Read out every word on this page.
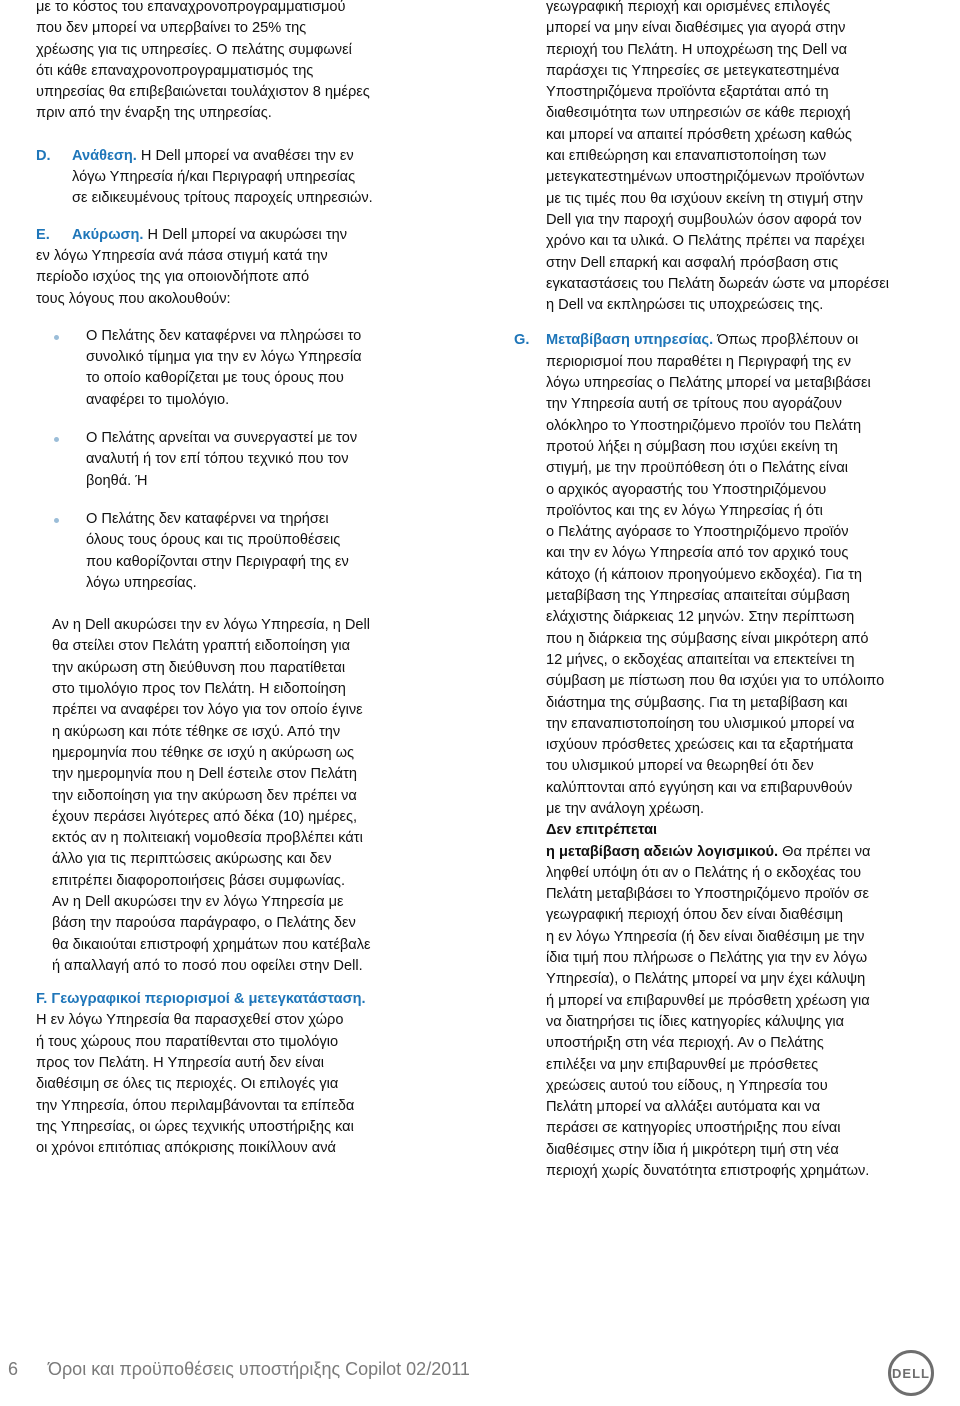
με το κόστος του επαναχρονοπρογραμματισμού

που δεν μπορεί να υπερβαίνει το 25% της

χρέωσης για τις υπηρεσίες. Ο πελάτης συμφωνεί

ότι κάθε επαναχρονοπρογραμματισμός της

υπηρεσίας θα επιβεβαιώνεται τουλάχιστον 8 ημέρες

πριν από την έναρξη της υπηρεσίας.

D. Ανάθεση. Η Dell μπορεί να αναθέσει την εν

λόγω Υπηρεσία ή/και Περιγραφή υπηρεσίας

σε ειδικευμένους τρίτους παροχείς υπηρεσιών.

E. Ακύρωση. Η Dell μπορεί να ακυρώσει την

εν λόγω Υπηρεσία ανά πάσα στιγμή κατά την

περίοδο ισχύος της για οποιονδήποτε από

τους λόγους που ακολουθούν:

Ο Πελάτης δεν καταφέρνει να πληρώσει το

συνολικό τίμημα για την εν λόγω Υπηρεσία

το οποίο καθορίζεται με τους όρους που

αναφέρει το τιμολόγιο.

Ο Πελάτης αρνείται να συνεργαστεί με τον

αναλυτή ή τον επί τόπου τεχνικό που τον

βοηθά. Ή

Ο Πελάτης δεν καταφέρνει να τηρήσει

όλους τους όρους και τις προϋποθέσεις

που καθορίζονται στην Περιγραφή της εν

λόγω υπηρεσίας.

Αν η Dell ακυρώσει την εν λόγω Υπηρεσία, η Dell

θα στείλει στον Πελάτη γραπτή ειδοποίηση για

την ακύρωση στη διεύθυνση που παρατίθεται

στο τιμολόγιο προς τον Πελάτη. Η ειδοποίηση

πρέπει να αναφέρει τον λόγο για τον οποίο έγινε

η ακύρωση και πότε τέθηκε σε ισχύ. Από την

ημερομηνία που τέθηκε σε ισχύ η ακύρωση ως

την ημερομηνία που η Dell έστειλε στον Πελάτη

την ειδοποίηση για την ακύρωση δεν πρέπει να

έχουν περάσει λιγότερες από δέκα (10) ημέρες,

εκτός αν η πολιτειακή νομοθεσία προβλέπει κάτι

άλλο για τις περιπτώσεις ακύρωσης και δεν

επιτρέπει διαφοροποιήσεις βάσει συμφωνίας.

Αν η Dell ακυρώσει την εν λόγω Υπηρεσία με

βάση την παρούσα παράγραφο, ο Πελάτης δεν

θα δικαιούται επιστροφή χρημάτων που κατέβαλε

ή απαλλαγή από το ποσό που οφείλει στην Dell.

F. Γεωγραφικοί περιορισμοί & μετεγκατάσταση.

Η εν λόγω Υπηρεσία θα παρασχεθεί στον χώρο

ή τους χώρους που παρατίθενται στο τιμολόγιο

προς τον Πελάτη. Η Υπηρεσία αυτή δεν είναι

διαθέσιμη σε όλες τις περιοχές. Οι επιλογές για

την Υπηρεσία, όπου περιλαμβάνονται τα επίπεδα

της Υπηρεσίας, οι ώρες τεχνικής υποστήριξης και

οι χρόνοι επιτόπιας απόκρισης ποικίλλουν ανά

γεωγραφική περιοχή και ορισμένες επιλογές

μπορεί να μην είναι διαθέσιμες για αγορά στην

περιοχή του Πελάτη. Η υποχρέωση της Dell να

παράσχει τις Υπηρεσίες σε μετεγκατεστημένα

Υποστηριζόμενα προϊόντα εξαρτάται από τη

διαθεσιμότητα των υπηρεσιών σε κάθε περιοχή

και μπορεί να απαιτεί πρόσθετη χρέωση καθώς

και επιθεώρηση και επαναπιστοποίηση των

μετεγκατεστημένων υποστηριζόμενων προϊόντων

με τις τιμές που θα ισχύουν εκείνη τη στιγμή στην

Dell για την παροχή συμβουλών όσον αφορά τον

χρόνο και τα υλικά. Ο Πελάτης πρέπει να παρέχει

στην Dell επαρκή και ασφαλή πρόσβαση στις

εγκαταστάσεις του Πελάτη δωρεάν ώστε να μπορέσει

η Dell να εκπληρώσει τις υποχρεώσεις της.

G. Μεταβίβαση υπηρεσίας. Όπως προβλέπουν οι

περιορισμοί που παραθέτει η Περιγραφή της εν

λόγω υπηρεσίας ο Πελάτης μπορεί να μεταβιβάσει

την Υπηρεσία αυτή σε τρίτους που αγοράζουν

ολόκληρο το Υποστηριζόμενο προϊόν του Πελάτη

προτού λήξει η σύμβαση που ισχύει εκείνη τη

στιγμή, με την προϋπόθεση ότι ο Πελάτης είναι

ο αρχικός αγοραστής του Υποστηριζόμενου

προϊόντος και της εν λόγω Υπηρεσίας ή ότι

ο Πελάτης αγόρασε το Υποστηριζόμενο προϊόν

και την εν λόγω Υπηρεσία από τον αρχικό τους

κάτοχο (ή κάποιον προηγούμενο εκδοχέα). Για τη

μεταβίβαση της Υπηρεσίας απαιτείται σύμβαση

ελάχιστης διάρκειας 12 μηνών. Στην περίπτωση

που η διάρκεια της σύμβασης είναι μικρότερη από

12 μήνες, ο εκδοχέας απαιτείται να επεκτείνει τη

σύμβαση με πίστωση που θα ισχύει για το υπόλοιπο

διάστημα της σύμβασης. Για τη μεταβίβαση και

την επαναπιστοποίηση του υλισμικού μπορεί να

ισχύουν πρόσθετες χρεώσεις και τα εξαρτήματα

του υλισμικού μπορεί να θεωρηθεί ότι δεν

καλύπτονται από εγγύηση και να επιβαρυνθούν

με την ανάλογη χρέωση.

Δεν επιτρέπεται

η μεταβίβαση αδειών λογισμικού. Θα πρέπει να

ληφθεί υπόψη ότι αν ο Πελάτης ή ο εκδοχέας του

Πελάτη μεταβιβάσει το Υποστηριζόμενο προϊόν σε

γεωγραφική περιοχή όπου δεν είναι διαθέσιμη

η εν λόγω Υπηρεσία (ή δεν είναι διαθέσιμη με την

ίδια τιμή που πλήρωσε ο Πελάτης για την εν λόγω

Υπηρεσία), ο Πελάτης μπορεί να μην έχει κάλυψη

ή μπορεί να επιβαρυνθεί με πρόσθετη χρέωση για

να διατηρήσει τις ίδιες κατηγορίες κάλυψης για

υποστήριξη στη νέα περιοχή. Αν ο Πελάτης

επιλέξει να μην επιβαρυνθεί με πρόσθετες

χρεώσεις αυτού του είδους, η Υπηρεσία του

Πελάτη μπορεί να αλλάξει αυτόματα και να

περάσει σε κατηγορίες υποστήριξης που είναι

διαθέσιμες στην ίδια ή μικρότερη τιμή στη νέα

περιοχή χωρίς δυνατότητα επιστροφής χρημάτων.

6 Όροι και προϋποθέσεις υποστήριξης Copilot 02/2011	DELL
